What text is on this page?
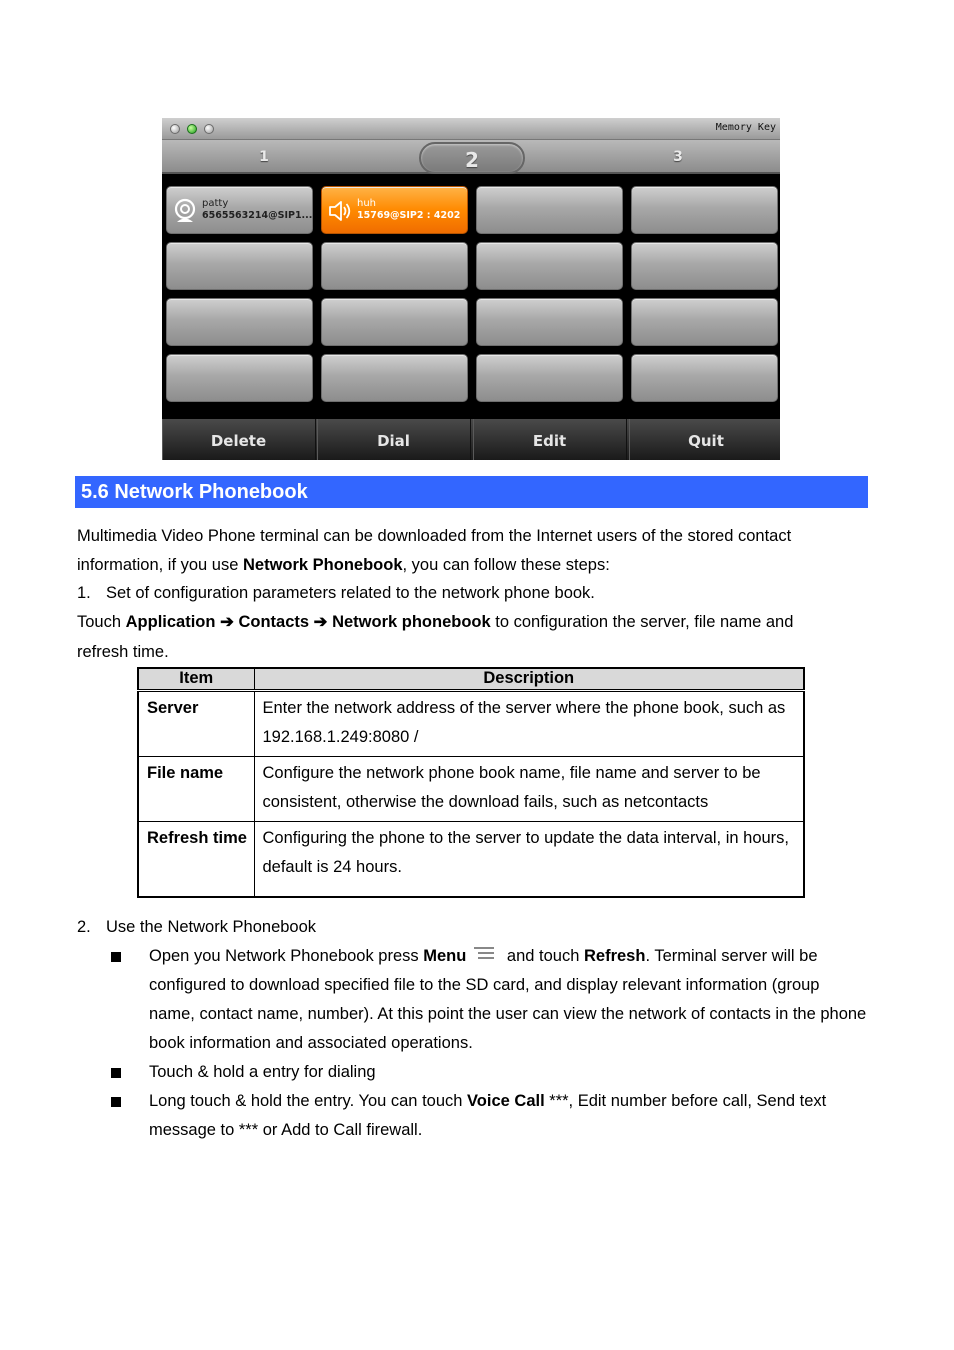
Memory Key
1	2	3
patty
6565563214@SIP1...
huh
15769@SIP2 : 4202
Delete	Dial	Edit	Quit
5.6 Network Phonebook
Multimedia Video Phone terminal can be downloaded from the Internet users of the stored contact
information, if you use Network Phonebook, you can follow these steps:
1. Set of configuration parameters related to the network phone book.
Touch Application ➔ Contacts ➔ Network phonebook to configuration the server, file name and
refresh time.
Item	Description
Server	Enter the network address of the server where the phone book, such as 192.168.1.249:8080 /
File name	Configure the network phone book name, file name and server to be consistent, otherwise the download fails, such as netcontacts
Refresh time	Configuring the phone to the server to update the data interval, in hours, default is 24 hours.
2. Use the Network Phonebook
Open you Network Phonebook press Menu and touch Refresh. Terminal server will be configured to download specified file to the SD card, and display relevant information (group name, contact name, number). At this point the user can view the network of contacts in the phone book information and associated operations.
Touch & hold a entry for dialing
Long touch & hold the entry. You can touch Voice Call ***, Edit number before call, Send text message to *** or Add to Call firewall.
